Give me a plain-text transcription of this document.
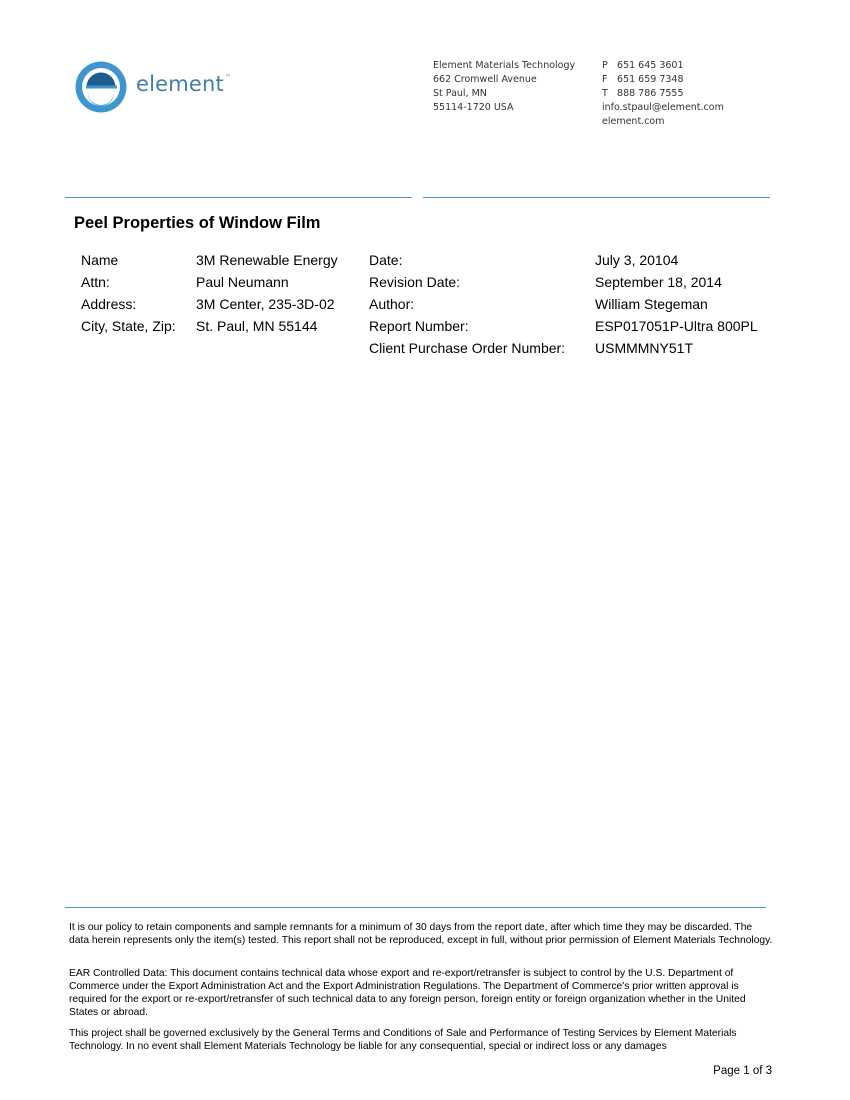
element™
Element Materials Technology
662 Cromwell Avenue
St Paul, MN
55114-1720 USA
P 651 645 3601
F 651 659 7348
T 888 786 7555
info.stpaul@element.com
element.com
Peel Properties of Window Film
Name
Attn:
Address:
City, State, Zip:
3M Renewable Energy
Paul Neumann
3M Center, 235-3D-02
St. Paul, MN 55144
Date:
Revision Date:
Author:
Report Number:
Client Purchase Order Number:
July 3, 20104
September 18, 2014
William Stegeman
ESP017051P-Ultra 800PL
USMMMNY51T
It is our policy to retain components and sample remnants for a minimum of 30 days from the report date, after which time they may be discarded. The data herein represents only the item(s) tested. This report shall not be reproduced, except in full, without prior permission of Element Materials Technology.
EAR Controlled Data: This document contains technical data whose export and re-export/retransfer is subject to control by the U.S. Department of Commerce under the Export Administration Act and the Export Administration Regulations. The Department of Commerce's prior written approval is required for the export or re-export/retransfer of such technical data to any foreign person, foreign entity or foreign organization whether in the United States or abroad.
This project shall be governed exclusively by the General Terms and Conditions of Sale and Performance of Testing Services by Element Materials Technology. In no event shall Element Materials Technology be liable for any consequential, special or indirect loss or any damages
Page 1 of 3
